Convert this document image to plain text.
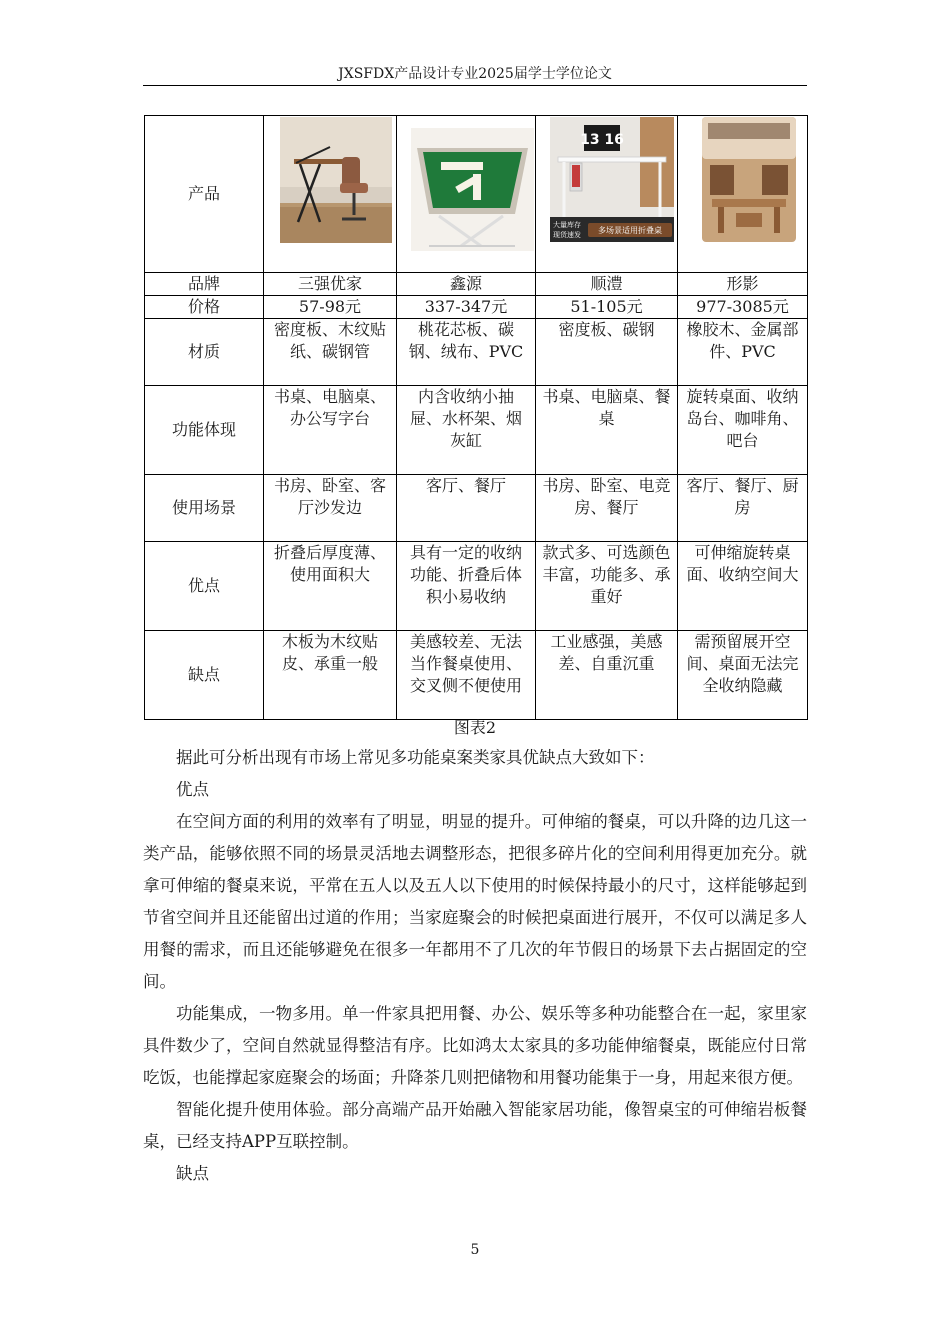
JXSFDX产品设计专业2025届学士学位论文
产品			13 16
大量库存
现货速发 多场景适用折叠桌

品牌	三强优家	鑫源	顺澧	形影
价格	57-98元	337-347元	51-105元	977-3085元
材质	密度板、木纹贴纸、碳钢管	桃花芯板、碳钢、绒布、PVC	密度板、碳钢	橡胶木、金属部件、PVC
功能体现	书桌、电脑桌、办公写字台	内含收纳小抽屉、水杯架、烟灰缸	书桌、电脑桌、餐桌	旋转桌面、收纳岛台、咖啡角、吧台
使用场景	书房、卧室、客厅沙发边	客厅、餐厅	书房、卧室、电竞房、餐厅	客厅、餐厅、厨房
优点	折叠后厚度薄、使用面积大	具有一定的收纳功能、折叠后体积小易收纳	款式多、可选颜色丰富，功能多、承重好	可伸缩旋转桌面、收纳空间大
缺点	木板为木纹贴皮、承重一般	美感较差、无法当作餐桌使用、交叉侧不便使用	工业感强，美感差、自重沉重	需预留展开空间、桌面无法完全收纳隐藏
图表2

据此可分析出现有市场上常见多功能桌案类家具优缺点大致如下：

优点

在空间方面的利用的效率有了明显，明显的提升。可伸缩的餐桌，可以升降的边几这一类产品，能够依照不同的场景灵活地去调整形态，把很多碎片化的空间利用得更加充分。就拿可伸缩的餐桌来说，平常在五人以及五人以下使用的时候保持最小的尺寸，这样能够起到节省空间并且还能留出过道的作用；当家庭聚会的时候把桌面进行展开，不仅可以满足多人用餐的需求，而且还能够避免在很多一年都用不了几次的年节假日的场景下去占据固定的空间。

功能集成，一物多用。单一件家具把用餐、办公、娱乐等多种功能整合在一起，家里家具件数少了，空间自然就显得整洁有序。比如鸿太太家具的多功能伸缩餐桌，既能应付日常吃饭，也能撑起家庭聚会的场面；升降茶几则把储物和用餐功能集于一身，用起来很方便。

智能化提升使用体验。部分高端产品开始融入智能家居功能，像智桌宝的可伸缩岩板餐桌，已经支持APP互联控制。

缺点

5
